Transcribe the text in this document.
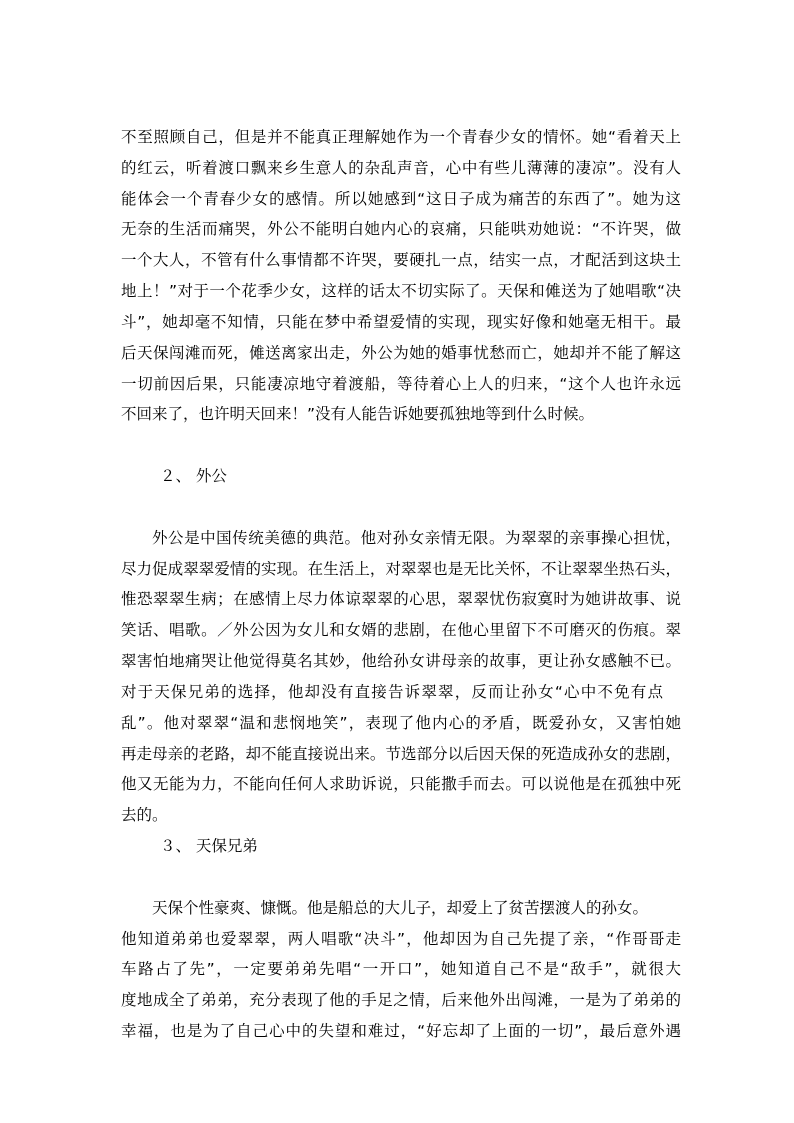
不至照顾自己，但是并不能真正理解她作为一个青春少女的情怀。她“看着天上
的红云，听着渡口飘来乡生意人的杂乱声音，心中有些儿薄薄的凄凉”。没有人
能体会一个青春少女的感情。所以她感到“这日子成为痛苦的东西了”。她为这
无奈的生活而痛哭，外公不能明白她内心的哀痛，只能哄劝她说：“不许哭，做
一个大人，不管有什么事情都不许哭，要硬扎一点，结实一点，才配活到这块土
地上！”对于一个花季少女，这样的话太不切实际了。天保和傩送为了她唱歌“决
斗”，她却毫不知情，只能在梦中希望爱情的实现，现实好像和她毫无相干。最
后天保闯滩而死，傩送离家出走，外公为她的婚事忧愁而亡，她却并不能了解这
一切前因后果，只能凄凉地守着渡船，等待着心上人的归来，“这个人也许永远
不回来了，也许明天回来！”没有人能告诉她要孤独地等到什么时候。
２、 外公
外公是中国传统美德的典范。他对孙女亲情无限。为翠翠的亲事操心担忧，
尽力促成翠翠爱情的实现。在生活上，对翠翠也是无比关怀，不让翠翠坐热石头，
惟恐翠翠生病；在感情上尽力体谅翠翠的心思，翠翠忧伤寂寞时为她讲故事、说
笑话、唱歌。／外公因为女儿和女婿的悲剧，在他心里留下不可磨灭的伤痕。翠
翠害怕地痛哭让他觉得莫名其妙，他给孙女讲母亲的故事，更让孙女感触不已。
对于天保兄弟的选择，他却没有直接告诉翠翠，反而让孙女“心中不免有点
乱”。他对翠翠“温和悲悯地笑”，表现了他内心的矛盾，既爱孙女，又害怕她
再走母亲的老路，却不能直接说出来。节选部分以后因天保的死造成孙女的悲剧，
他又无能为力，不能向任何人求助诉说，只能撒手而去。可以说他是在孤独中死
去的。
３、 天保兄弟
天保个性豪爽、慷慨。他是船总的大儿子，却爱上了贫苦摆渡人的孙女。
他知道弟弟也爱翠翠，两人唱歌“决斗”，他却因为自己先提了亲，“作哥哥走
车路占了先”，一定要弟弟先唱“一开口”，她知道自己不是“敌手”，就很大
度地成全了弟弟，充分表现了他的手足之情，后来他外出闯滩，一是为了弟弟的
幸福，也是为了自己心中的失望和难过，“好忘却了上面的一切”，最后意外遇
